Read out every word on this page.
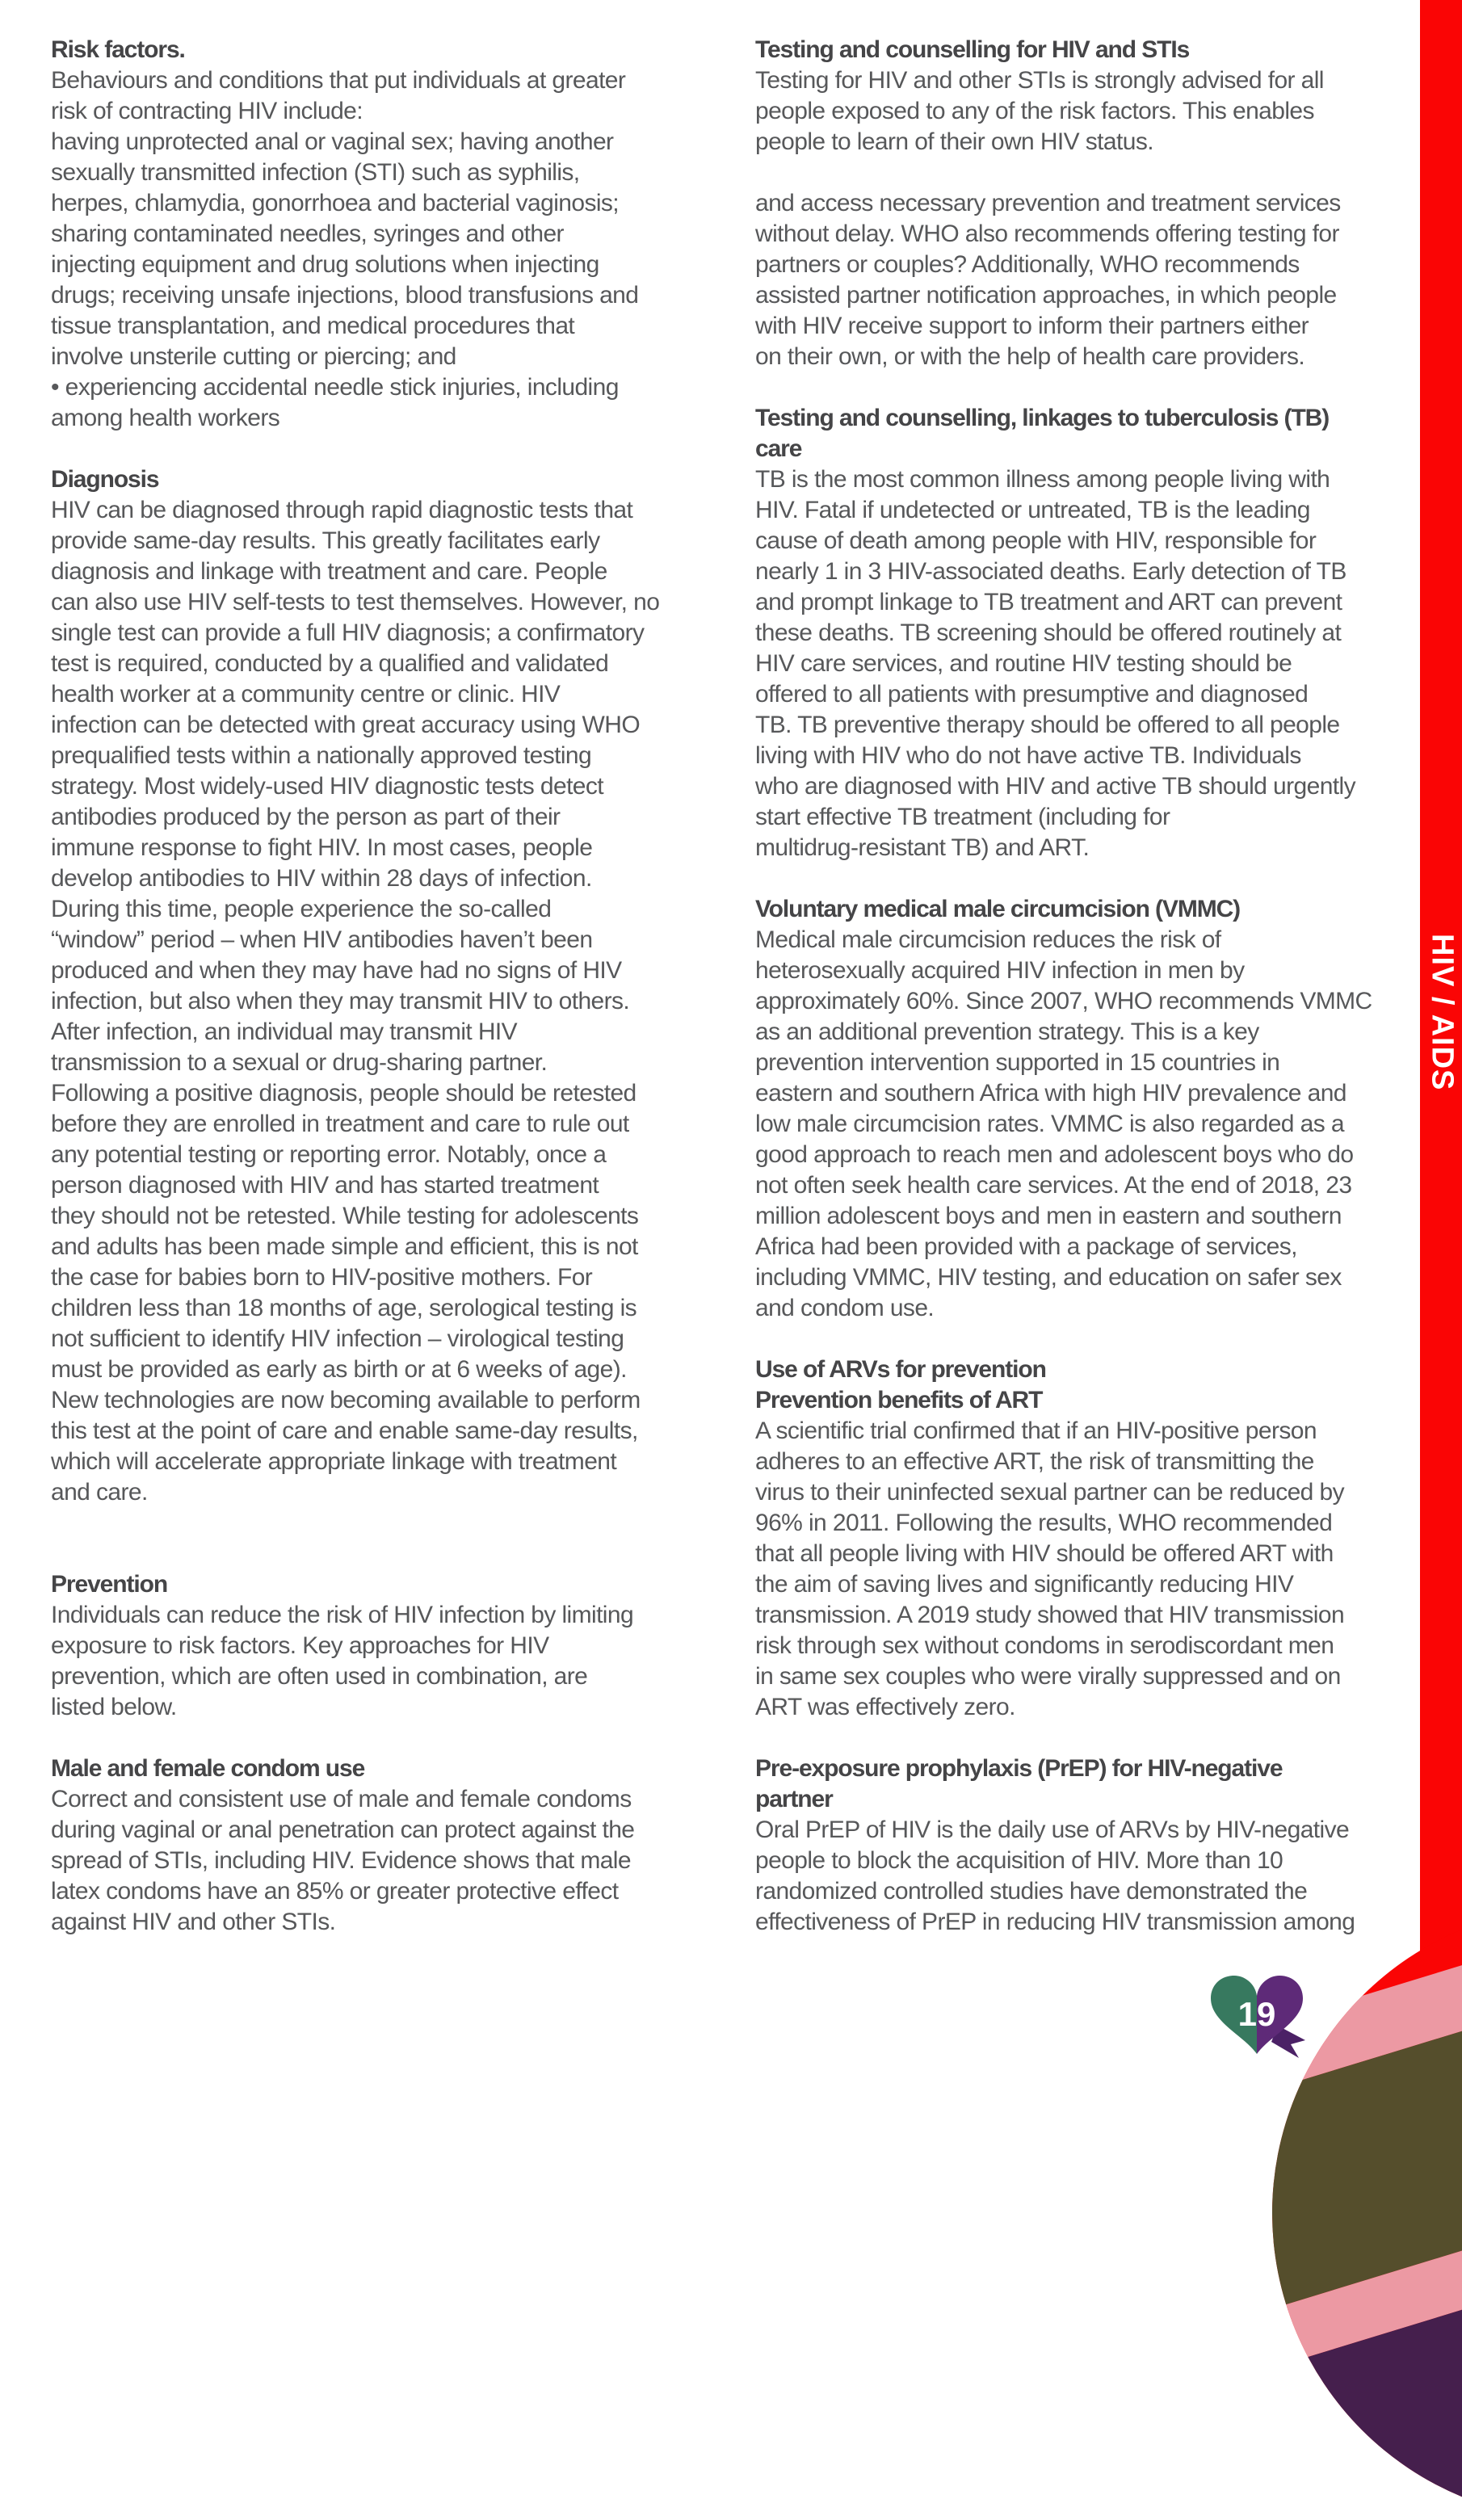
Risk factors.
Behaviours and conditions that put individuals at greater
risk of contracting HIV include:
having unprotected anal or vaginal sex; having another
sexually transmitted infection (STI) such as syphilis,
herpes, chlamydia, gonorrhoea and bacterial vaginosis;
sharing contaminated needles, syringes and other
injecting equipment and drug solutions when injecting
drugs; receiving unsafe injections, blood transfusions and
tissue transplantation, and medical procedures that
involve unsterile cutting or piercing; and
• experiencing accidental needle stick injuries, including
among health workers
Diagnosis
HIV can be diagnosed through rapid diagnostic tests that
provide same-day results. This greatly facilitates early
diagnosis and linkage with treatment and care. People
can also use HIV self-tests to test themselves. However, no
single test can provide a full HIV diagnosis; a confirmatory
test is required, conducted by a qualified and validated
health worker at a community centre or clinic. HIV
infection can be detected with great accuracy using WHO
prequalified tests within a nationally approved testing
strategy. Most widely-used HIV diagnostic tests detect
antibodies produced by the person as part of their
immune response to fight HIV. In most cases, people
develop antibodies to HIV within 28 days of infection.
During this time, people experience the so-called
“window” period – when HIV antibodies haven’t been
produced and when they may have had no signs of HIV
infection, but also when they may transmit HIV to others.
After infection, an individual may transmit HIV
transmission to a sexual or drug-sharing partner.
Following a positive diagnosis, people should be retested
before they are enrolled in treatment and care to rule out
any potential testing or reporting error. Notably, once a
person diagnosed with HIV and has started treatment
they should not be retested. While testing for adolescents
and adults has been made simple and efficient, this is not
the case for babies born to HIV-positive mothers. For
children less than 18 months of age, serological testing is
not sufficient to identify HIV infection – virological testing
must be provided as early as birth or at 6 weeks of age).
New technologies are now becoming available to perform
this test at the point of care and enable same-day results,
which will accelerate appropriate linkage with treatment
and care.
Prevention
Individuals can reduce the risk of HIV infection by limiting
exposure to risk factors. Key approaches for HIV
prevention, which are often used in combination, are
listed below.
Male and female condom use
Correct and consistent use of male and female condoms
during vaginal or anal penetration can protect against the
spread of STIs, including HIV. Evidence shows that male
latex condoms have an 85% or greater protective effect
against HIV and other STIs.
Testing and counselling for HIV and STIs
Testing for HIV and other STIs is strongly advised for all
people exposed to any of the risk factors. This enables
people to learn of their own HIV status.
and access necessary prevention and treatment services
without delay. WHO also recommends offering testing for
partners or couples? Additionally, WHO recommends
assisted partner notification approaches, in which people
with HIV receive support to inform their partners either
on their own, or with the help of health care providers.
Testing and counselling, linkages to tuberculosis (TB)
care
TB is the most common illness among people living with
HIV. Fatal if undetected or untreated, TB is the leading
cause of death among people with HIV, responsible for
nearly 1 in 3 HIV-associated deaths. Early detection of TB
and prompt linkage to TB treatment and ART can prevent
these deaths. TB screening should be offered routinely at
HIV care services, and routine HIV testing should be
offered to all patients with presumptive and diagnosed
TB. TB preventive therapy should be offered to all people
living with HIV who do not have active TB. Individuals
who are diagnosed with HIV and active TB should urgently
start effective TB treatment (including for
multidrug-resistant TB) and ART.
Voluntary medical male circumcision (VMMC)
Medical male circumcision reduces the risk of
heterosexually acquired HIV infection in men by
approximately 60%. Since 2007, WHO recommends VMMC
as an additional prevention strategy. This is a key
prevention intervention supported in 15 countries in
eastern and southern Africa with high HIV prevalence and
low male circumcision rates. VMMC is also regarded as a
good approach to reach men and adolescent boys who do
not often seek health care services. At the end of 2018, 23
million adolescent boys and men in eastern and southern
Africa had been provided with a package of services,
including VMMC, HIV testing, and education on safer sex
and condom use.
Use of ARVs for prevention
Prevention benefits of ART
A scientific trial confirmed that if an HIV-positive person
adheres to an effective ART, the risk of transmitting the
virus to their uninfected sexual partner can be reduced by
96% in 2011. Following the results, WHO recommended
that all people living with HIV should be offered ART with
the aim of saving lives and significantly reducing HIV
transmission. A 2019 study showed that HIV transmission
risk through sex without condoms in serodiscordant men
in same sex couples who were virally suppressed and on
ART was effectively zero.
Pre-exposure prophylaxis (PrEP) for HIV-negative
partner
Oral PrEP of HIV is the daily use of ARVs by HIV-negative
people to block the acquisition of HIV. More than 10
randomized controlled studies have demonstrated the
effectiveness of PrEP in reducing HIV transmission among
HIV / AIDS
19
